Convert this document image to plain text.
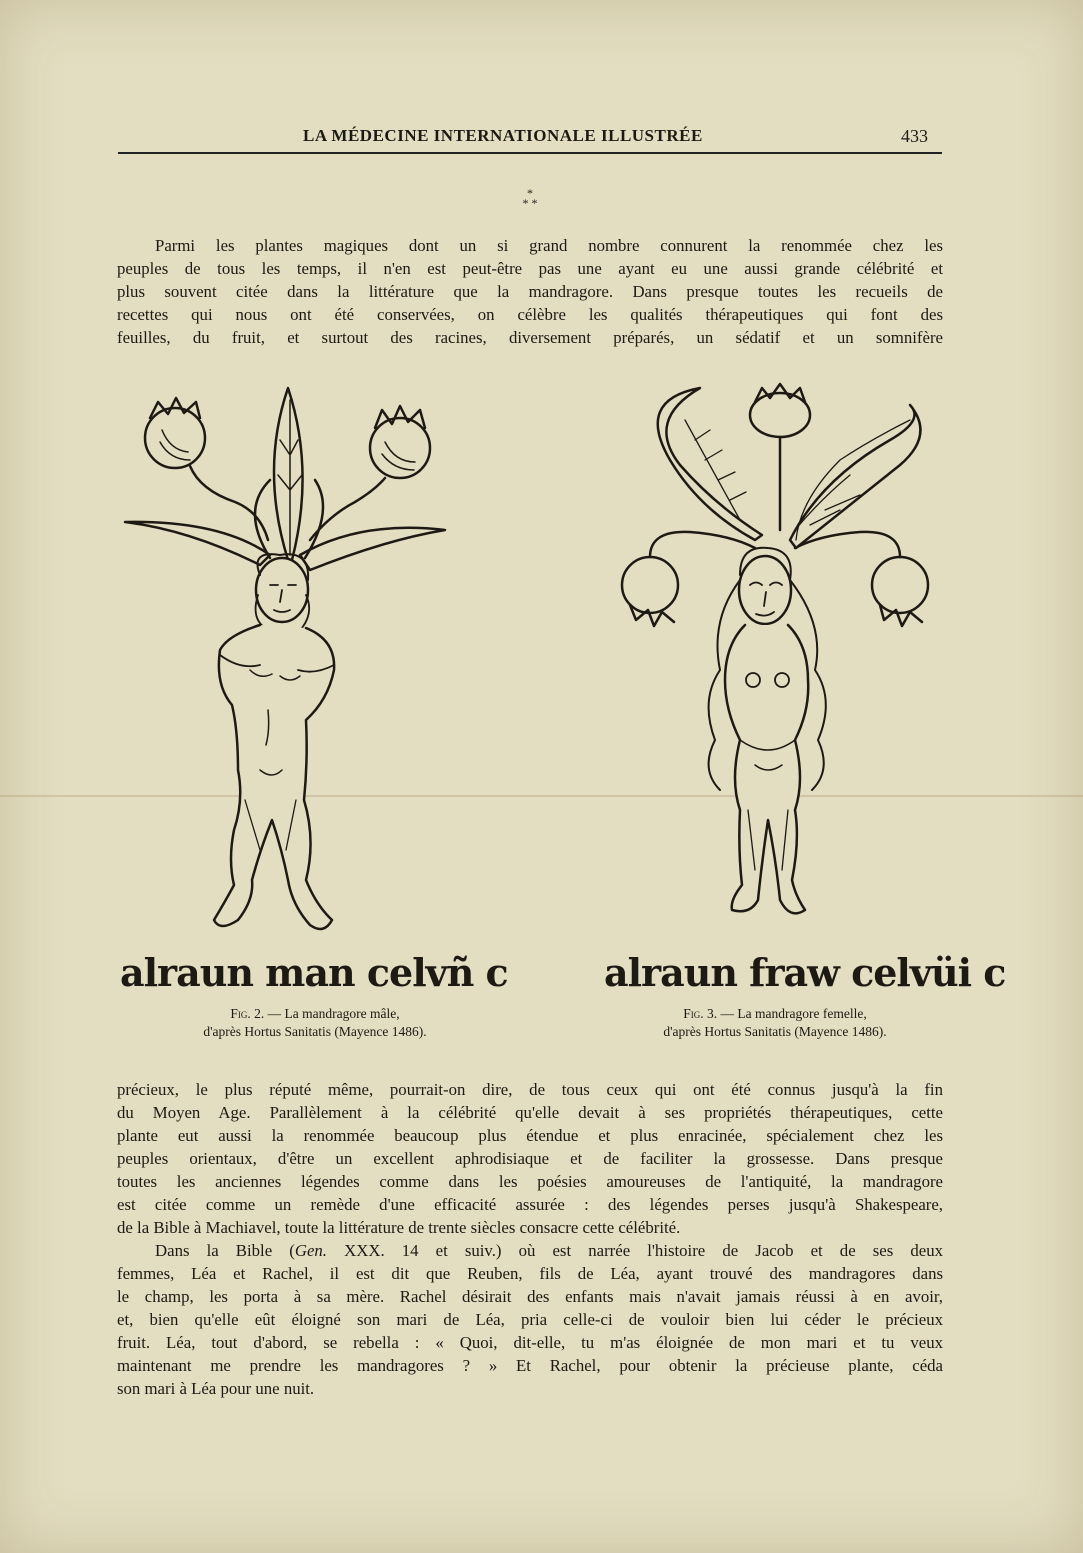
LA MÉDECINE INTERNATIONALE ILLUSTRÉE	433
*
* *
Parmi les plantes magiques dont un si grand nombre connurent la renommée chez les
peuples de tous les temps, il n'en est peut-être pas une ayant eu une aussi grande célébrité et
plus souvent citée dans la littérature que la mandragore. Dans presque toutes les recueils de
recettes qui nous ont été conservées, on célèbre les qualités thérapeutiques qui font des
feuilles, du fruit, et surtout des racines, diversement préparés, un sédatif et un somnifère
alraun man celvñ c
Fig. 2. — La mandragore mâle,
d'après Hortus Sanitatis (Mayence 1486).
alraun fraw celvüi c
Fig. 3. — La mandragore femelle,
d'après Hortus Sanitatis (Mayence 1486).
précieux, le plus réputé même, pourrait-on dire, de tous ceux qui ont été connus jusqu'à la fin
du Moyen Age. Parallèlement à la célébrité qu'elle devait à ses propriétés thérapeutiques, cette
plante eut aussi la renommée beaucoup plus étendue et plus enracinée, spécialement chez les
peuples orientaux, d'être un excellent aphrodisiaque et de faciliter la grossesse. Dans presque
toutes les anciennes légendes comme dans les poésies amoureuses de l'antiquité, la mandragore
est citée comme un remède d'une efficacité assurée : des légendes perses jusqu'à Shakespeare,
de la Bible à Machiavel, toute la littérature de trente siècles consacre cette célébrité.
Dans la Bible (Gen. XXX. 14 et suiv.) où est narrée l'histoire de Jacob et de ses deux
femmes, Léa et Rachel, il est dit que Reuben, fils de Léa, ayant trouvé des mandragores dans
le champ, les porta à sa mère. Rachel désirait des enfants mais n'avait jamais réussi à en avoir,
et, bien qu'elle eût éloigné son mari de Léa, pria celle-ci de vouloir bien lui céder le précieux
fruit. Léa, tout d'abord, se rebella : « Quoi, dit-elle, tu m'as éloignée de mon mari et tu veux
maintenant me prendre les mandragores ? » Et Rachel, pour obtenir la précieuse plante, céda
son mari à Léa pour une nuit.
